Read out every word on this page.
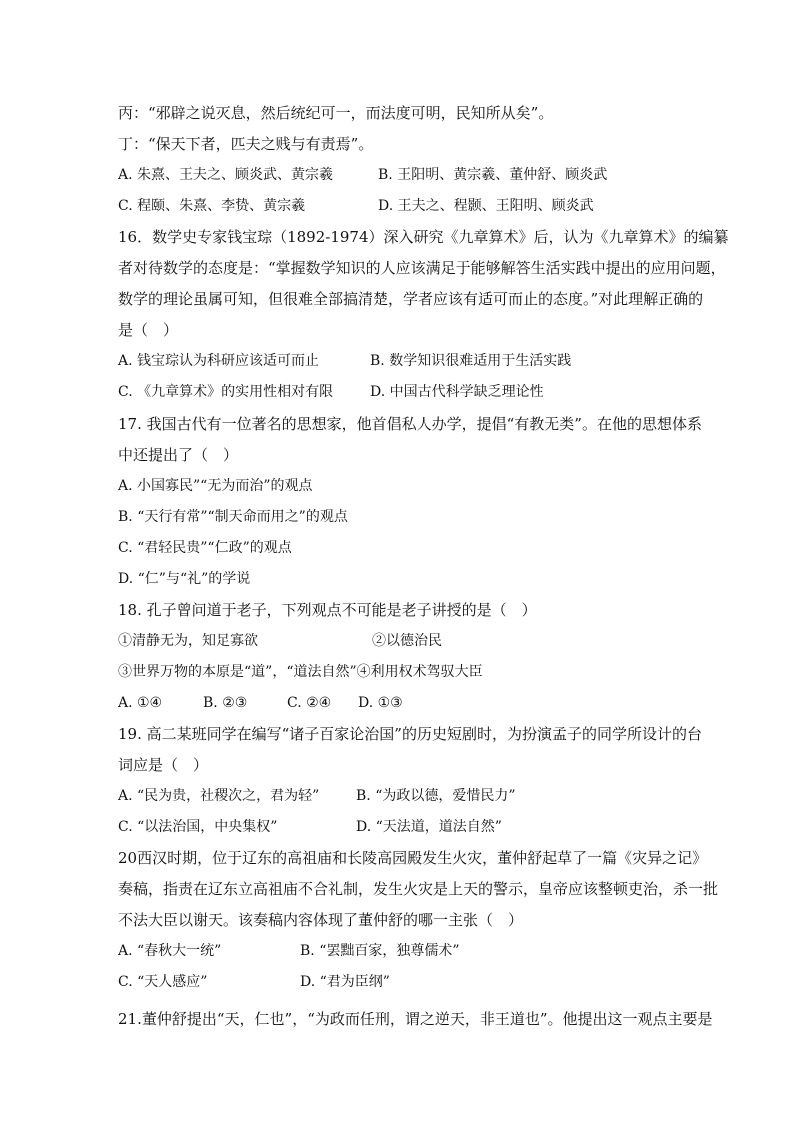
丙：“邪辟之说灭息，然后统纪可一，而法度可明，民知所从矣”。
丁：“保天下者，匹夫之贱与有责焉”。
A. 朱熹、王夫之、顾炎武、黄宗羲	B. 王阳明、黄宗羲、董仲舒、顾炎武
C. 程颐、朱熹、李贽、黄宗羲	D. 王夫之、程颢、王阳明、顾炎武
16．数学史专家钱宝琮（1892-1974）深入研究《九章算术》后，认为《九章算术》的编纂
者对待数学的态度是：“掌握数学知识的人应该满足于能够解答生活实践中提出的应用问题，
数学的理论虽属可知，但很难全部搞清楚，学者应该有适可而止的态度。”对此理解正确的
是（　）
A. 钱宝琮认为科研应该适可而止	B. 数学知识很难适用于生活实践
C. 《九章算术》的实用性相对有限	D. 中国古代科学缺乏理论性
17. 我国古代有一位著名的思想家，他首倡私人办学，提倡“有教无类”。在他的思想体系
中还提出了（　）
A. 小国寡民”“无为而治”的观点
B. “天行有常”“制天命而用之”的观点
C. “君轻民贵”“仁政”的观点
D. “仁”与“礼”的学说
18. 孔子曾问道于老子，下列观点不可能是老子讲授的是（　）
①清静无为，知足寡欲	②以德治民
③世界万物的本原是“道”，“道法自然”④利用权术驾驭大臣
A. ①④	B. ②③	C. ②④ D. ①③
19. 高二某班同学在编写“诸子百家论治国”的历史短剧时，为扮演孟子的同学所设计的台
词应是（　）
A. “民为贵，社稷次之，君为轻”	B. “为政以德，爱惜民力”
C. “以法治国，中央集权”	D. “天法道，道法自然”
20西汉时期，位于辽东的高祖庙和长陵高园殿发生火灾，董仲舒起草了一篇《灾异之记》
奏稿，指责在辽东立高祖庙不合礼制，发生火灾是上天的警示，皇帝应该整顿吏治，杀一批
不法大臣以谢天。该奏稿内容体现了董仲舒的哪一主张（　）
A. “春秋大一统”	B. “罢黜百家，独尊儒术”
C. “天人感应”	D. “君为臣纲”
21.董仲舒提出“天，仁也”，“为政而任刑，谓之逆天，非王道也”。他提出这一观点主要是
